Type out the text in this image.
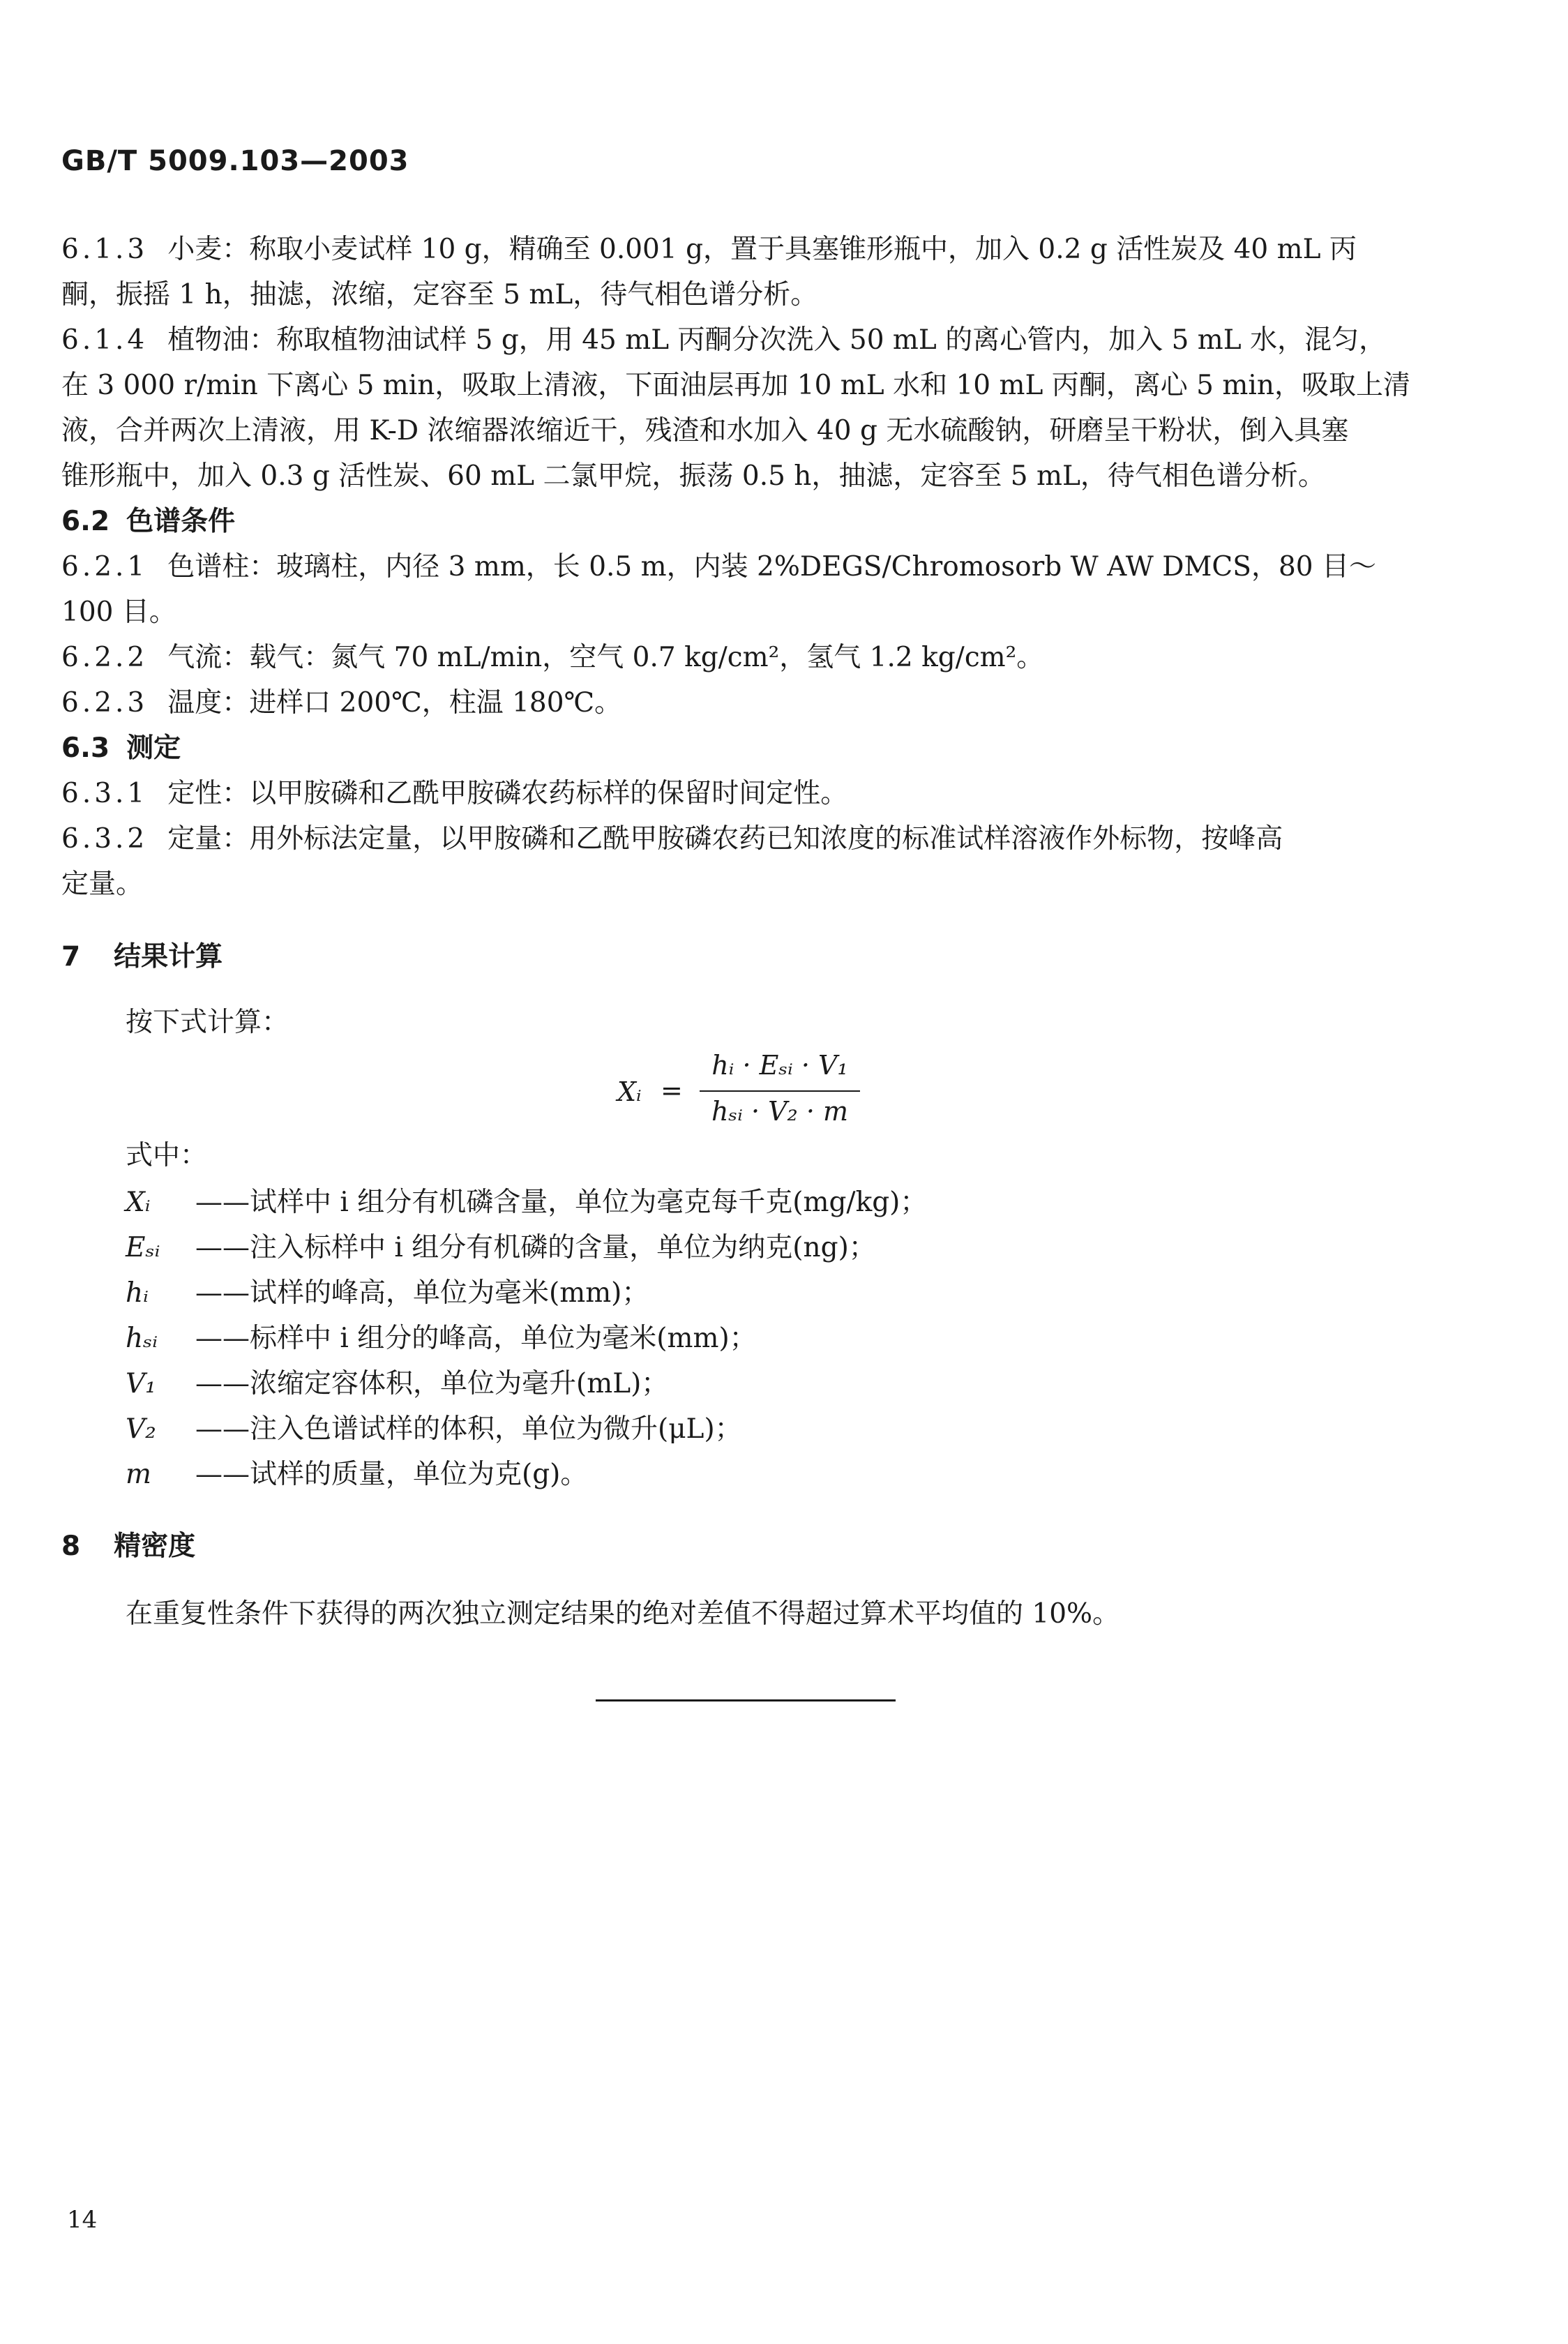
GB/T 5009.103—2003
6.1.3 小麦：称取小麦试样 10 g，精确至 0.001 g，置于具塞锥形瓶中，加入 0.2 g 活性炭及 40 mL 丙
酮，振摇 1 h，抽滤，浓缩，定容至 5 mL，待气相色谱分析。
6.1.4 植物油：称取植物油试样 5 g，用 45 mL 丙酮分次洗入 50 mL 的离心管内，加入 5 mL 水，混匀，
在 3 000 r/min 下离心 5 min，吸取上清液，下面油层再加 10 mL 水和 10 mL 丙酮，离心 5 min，吸取上清
液，合并两次上清液，用 K-D 浓缩器浓缩近干，残渣和水加入 40 g 无水硫酸钠，研磨呈干粉状，倒入具塞
锥形瓶中，加入 0.3 g 活性炭、60 mL 二氯甲烷，振荡 0.5 h，抽滤，定容至 5 mL，待气相色谱分析。
6.2 色谱条件
6.2.1 色谱柱：玻璃柱，内径 3 mm，长 0.5 m，内装 2%DEGS/Chromosorb W AW DMCS，80 目～
100 目。
6.2.2 气流：载气：氮气 70 mL/min，空气 0.7 kg/cm²，氢气 1.2 kg/cm²。
6.2.3 温度：进样口 200℃，柱温 180℃。
6.3 测定
6.3.1 定性：以甲胺磷和乙酰甲胺磷农药标样的保留时间定性。
6.3.2 定量：用外标法定量，以甲胺磷和乙酰甲胺磷农药已知浓度的标准试样溶液作外标物，按峰高
定量。
7 结果计算
按下式计算：
Xᵢ =
hᵢ · Eₛᵢ · V₁
hₛᵢ · V₂ · m
式中：
Xᵢ ——试样中 i 组分有机磷含量，单位为毫克每千克(mg/kg)；
Eₛᵢ ——注入标样中 i 组分有机磷的含量，单位为纳克(ng)；
hᵢ ——试样的峰高，单位为毫米(mm)；
hₛᵢ ——标样中 i 组分的峰高，单位为毫米(mm)；
V₁ ——浓缩定容体积，单位为毫升(mL)；
V₂ ——注入色谱试样的体积，单位为微升(μL)；
m ——试样的质量，单位为克(g)。
8 精密度
在重复性条件下获得的两次独立测定结果的绝对差值不得超过算术平均值的 10%。
14
